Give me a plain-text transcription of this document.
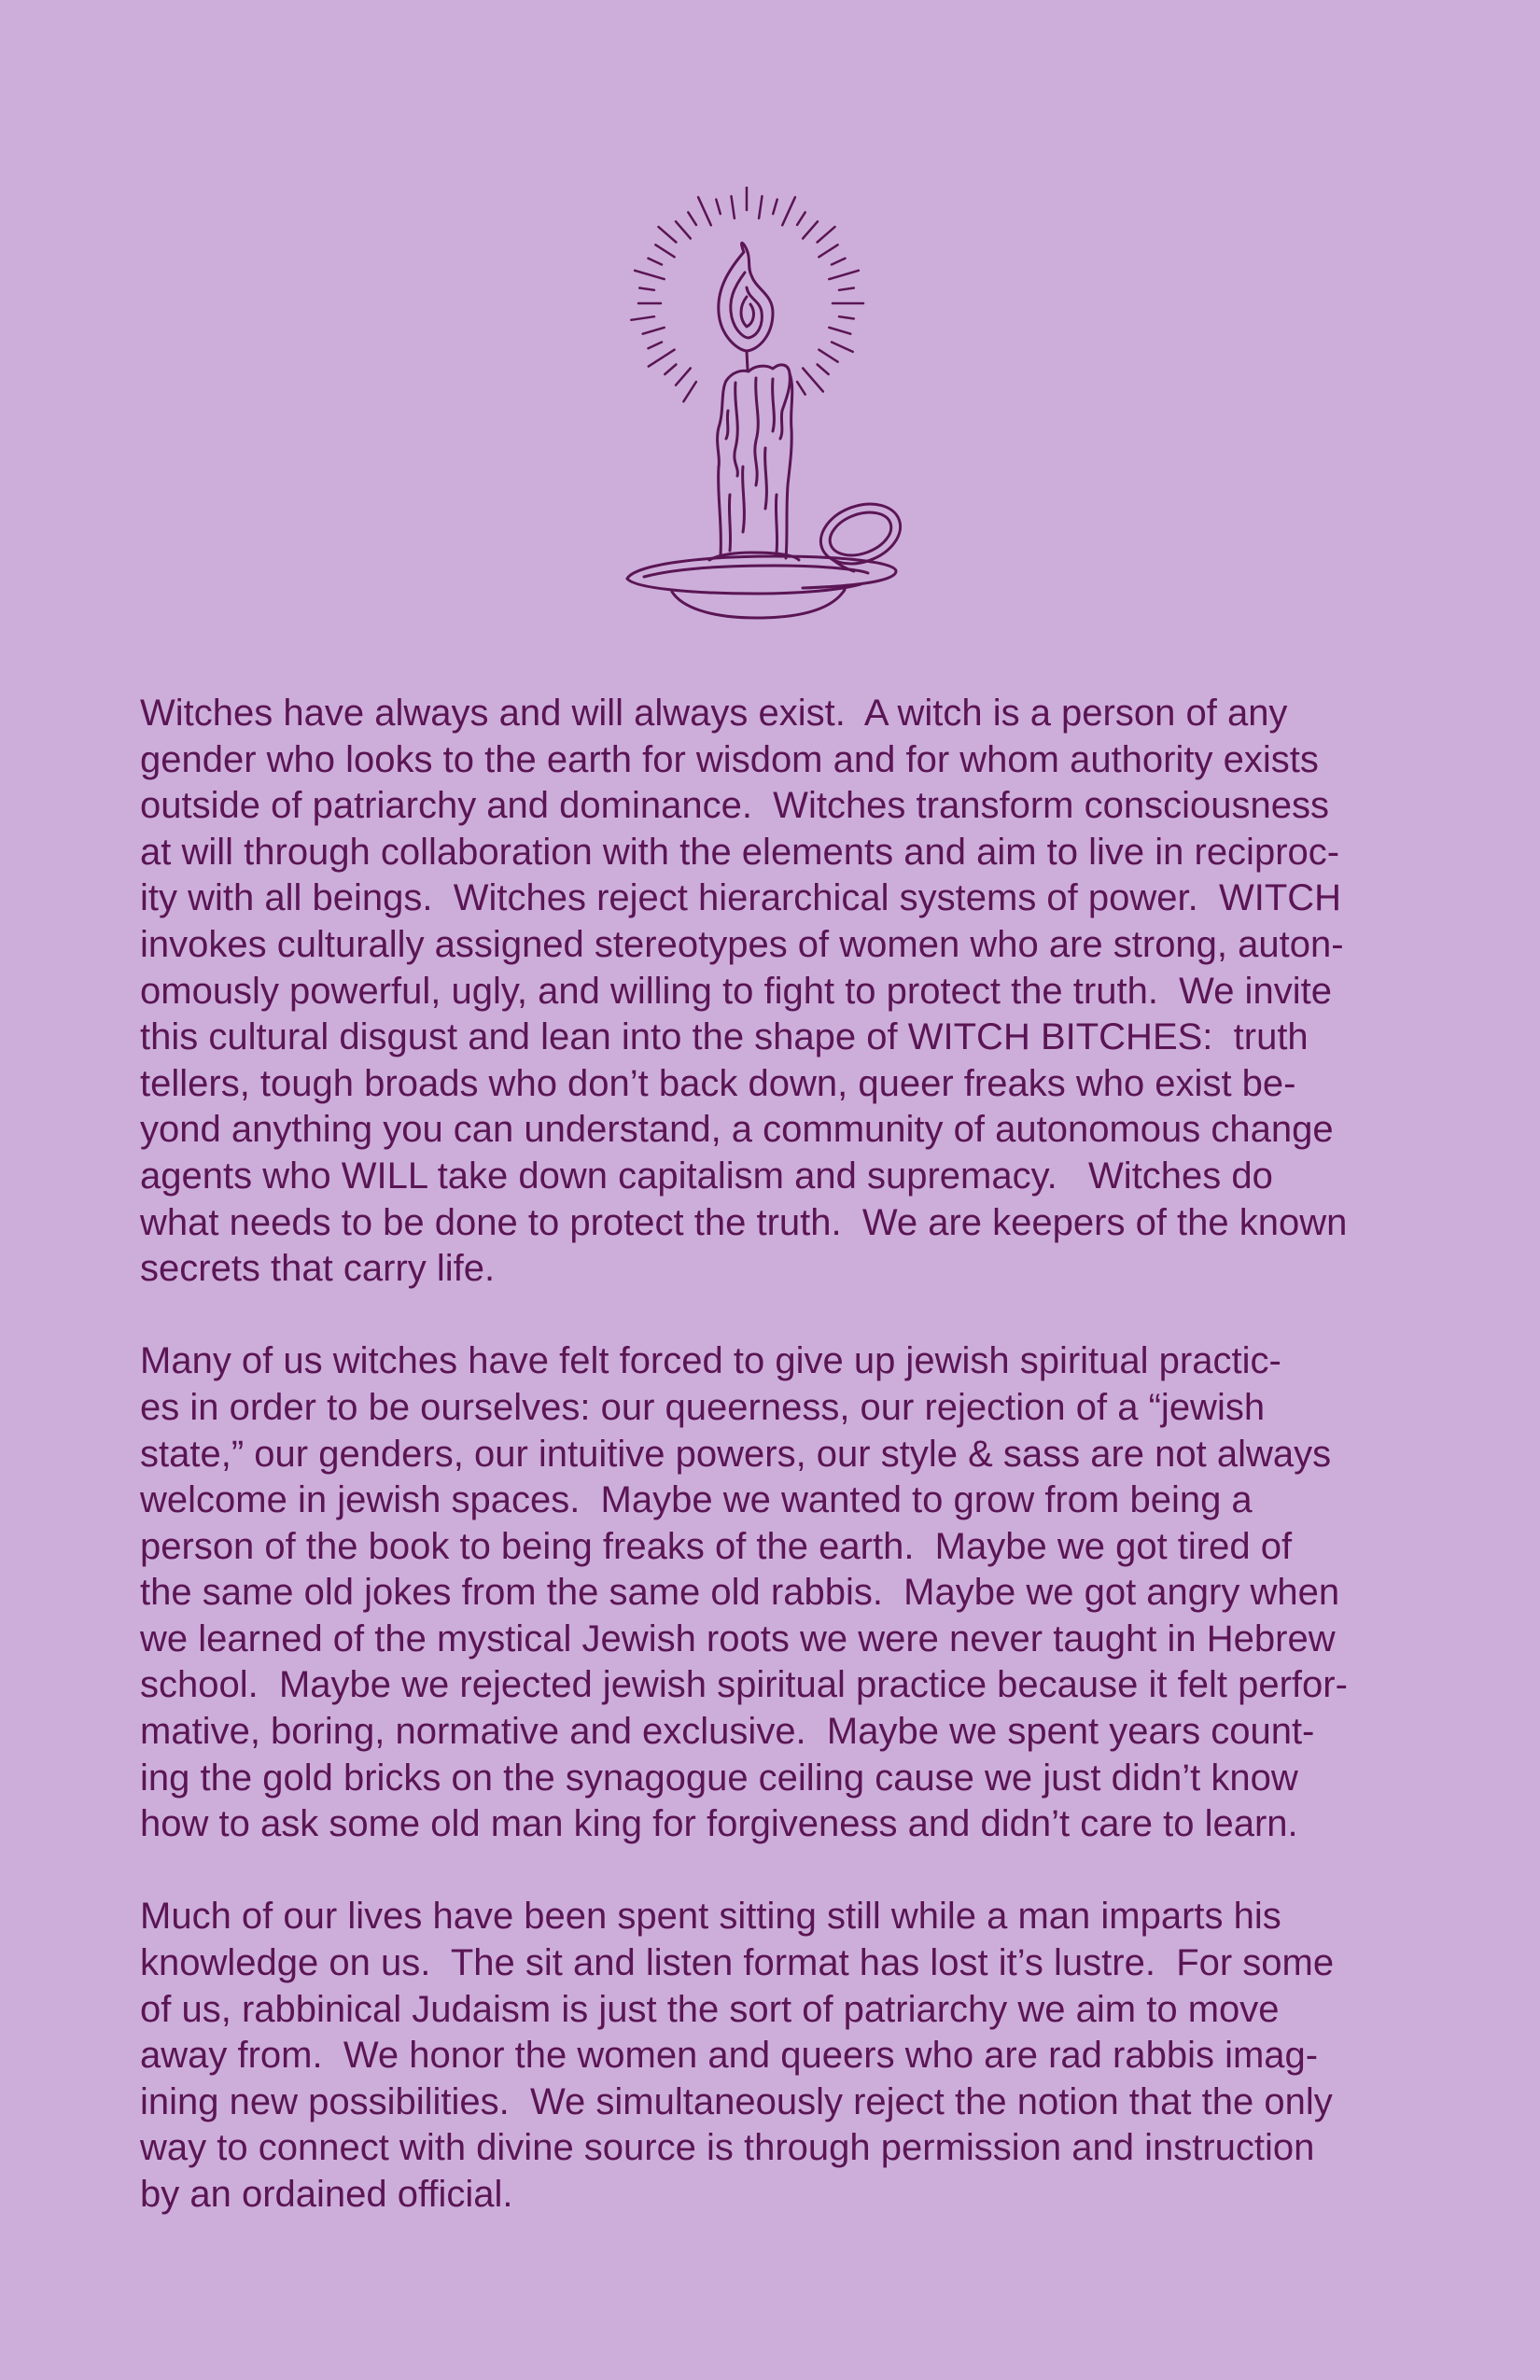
Witches have always and will always exist.  A witch is a person of any
gender who looks to the earth for wisdom and for whom authority exists
outside of patriarchy and dominance.  Witches transform consciousness
at will through collaboration with the elements and aim to live in reciproc-
ity with all beings.  Witches reject hierarchical systems of power.  WITCH
invokes culturally assigned stereotypes of women who are strong, auton-
omously powerful, ugly, and willing to fight to protect the truth.  We invite
this cultural disgust and lean into the shape of WITCH BITCHES:  truth
tellers, tough broads who don’t back down, queer freaks who exist be-
yond anything you can understand, a community of autonomous change
agents who WILL take down capitalism and supremacy.   Witches do
what needs to be done to protect the truth.  We are keepers of the known
secrets that carry life.

Many of us witches have felt forced to give up jewish spiritual practic-
es in order to be ourselves: our queerness, our rejection of a “jewish
state,” our genders, our intuitive powers, our style & sass are not always
welcome in jewish spaces.  Maybe we wanted to grow from being a
person of the book to being freaks of the earth.  Maybe we got tired of
the same old jokes from the same old rabbis.  Maybe we got angry when
we learned of the mystical Jewish roots we were never taught in Hebrew
school.  Maybe we rejected jewish spiritual practice because it felt perfor-
mative, boring, normative and exclusive.  Maybe we spent years count-
ing the gold bricks on the synagogue ceiling cause we just didn’t know
how to ask some old man king for forgiveness and didn’t care to learn.

Much of our lives have been spent sitting still while a man imparts his
knowledge on us.  The sit and listen format has lost it’s lustre.  For some
of us, rabbinical Judaism is just the sort of patriarchy we aim to move
away from.  We honor the women and queers who are rad rabbis imag-
ining new possibilities.  We simultaneously reject the notion that the only
way to connect with divine source is through permission and instruction
by an ordained official.
